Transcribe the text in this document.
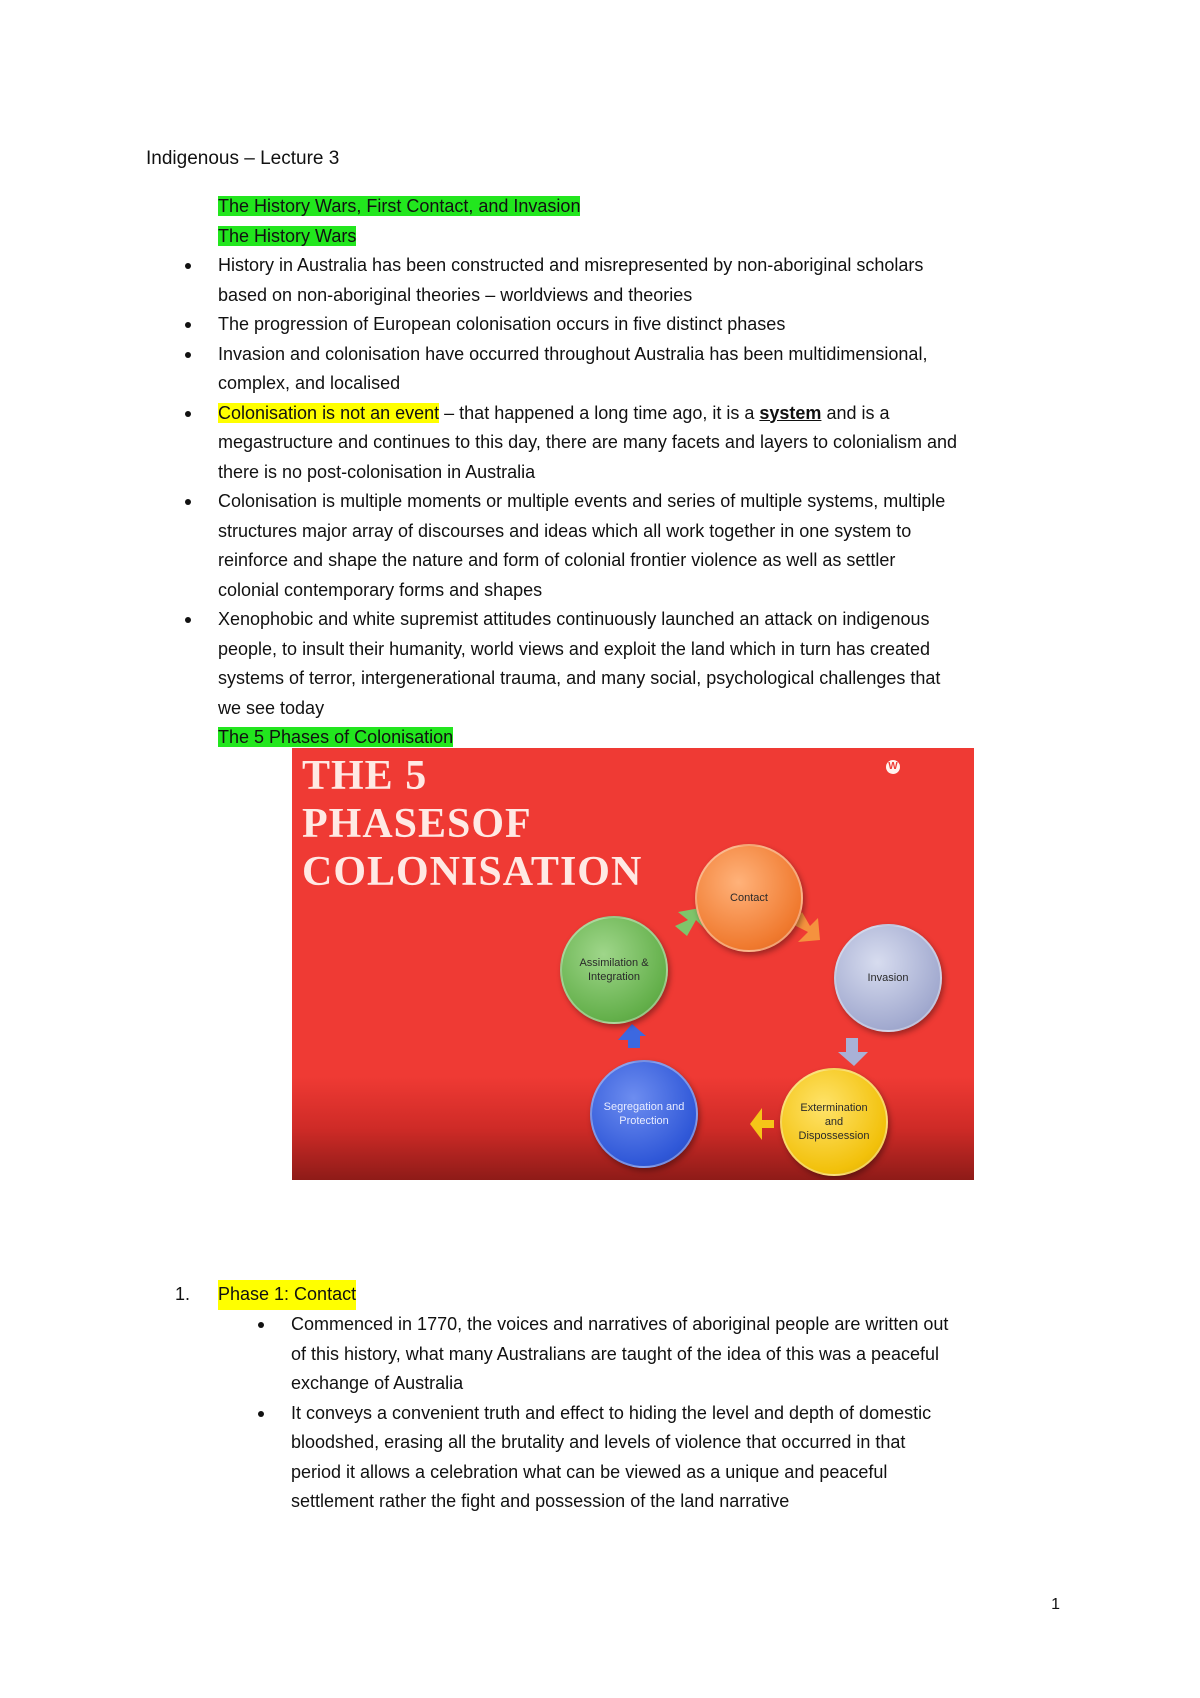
Indigenous – Lecture 3
The History Wars, First Contact, and Invasion
The History Wars
History in Australia has been constructed and misrepresented by non-aboriginal scholars
based on non-aboriginal theories – worldviews and theories
The progression of European colonisation occurs in five distinct phases
Invasion and colonisation have occurred throughout Australia has been multidimensional,
complex, and localised
Colonisation is not an event – that happened a long time ago, it is a system and is a
megastructure and continues to this day, there are many facets and layers to colonialism and
there is no post-colonisation in Australia
Colonisation is multiple moments or multiple events and series of multiple systems, multiple
structures major array of discourses and ideas which all work together in one system to
reinforce and shape the nature and form of colonial frontier violence as well as settler
colonial contemporary forms and shapes
Xenophobic and white supremist attitudes continuously launched an attack on indigenous
people, to insult their humanity, world views and exploit the land which in turn has created
systems of terror, intergenerational trauma, and many social, psychological challenges that
we see today
The 5 Phases of Colonisation
THE 5
PHASESOF
COLONISATION
W
Contact
Invasion
Extermination and Dispossession
Segregation and Protection
Assimilation & Integration
1. Phase 1: Contact
Commenced in 1770, the voices and narratives of aboriginal people are written out
of this history, what many Australians are taught of the idea of this was a peaceful
exchange of Australia
It conveys a convenient truth and effect to hiding the level and depth of domestic
bloodshed, erasing all the brutality and levels of violence that occurred in that
period it allows a celebration what can be viewed as a unique and peaceful
settlement rather the fight and possession of the land narrative
1
